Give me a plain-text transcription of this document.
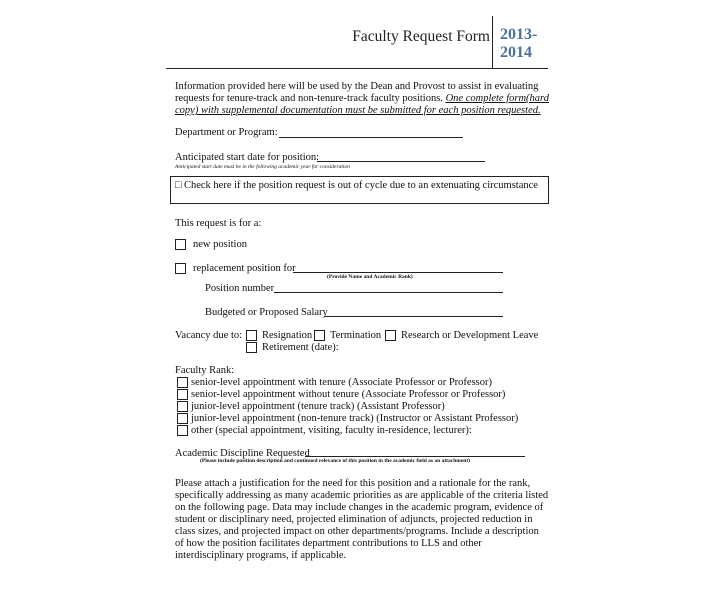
Faculty Request Form 2013-
2014
Information provided here will be used by the Dean and Provost to assist in evaluating
requests for tenure-track and non-tenure-track faculty positions. One complete form(hard
copy) with supplemental documentation must be submitted for each position requested.
Department or Program:
Anticipated start date for position:
Anticipated start date must be in the following academic year for consideration
□ Check here if the position request is out of cycle due to an extenuating circumstance
This request is for a:
new position
replacement position for
(Provide Name and Academic Rank)
Position number
Budgeted or Proposed Salary
Vacancy due to: Resignation Termination Research or Development Leave
Retirement (date):
Faculty Rank:
senior-level appointment with tenure (Associate Professor or Professor)
senior-level appointment without tenure (Associate Professor or Professor)
junior-level appointment (tenure track) (Assistant Professor)
junior-level appointment (non-tenure track) (Instructor or Assistant Professor)
other (special appointment, visiting, faculty in-residence, lecturer):
Academic Discipline Requested
(Please include position description and continued relevance of this position in the academic field as an attachment)
Please attach a justification for the need for this position and a rationale for the rank,
specifically addressing as many academic priorities as are applicable of the criteria listed
on the following page. Data may include changes in the academic program, evidence of
student or disciplinary need, projected elimination of adjuncts, projected reduction in
class sizes, and projected impact on other departments/programs. Include a description
of how the position facilitates department contributions to LLS and other
interdisciplinary programs, if applicable.
